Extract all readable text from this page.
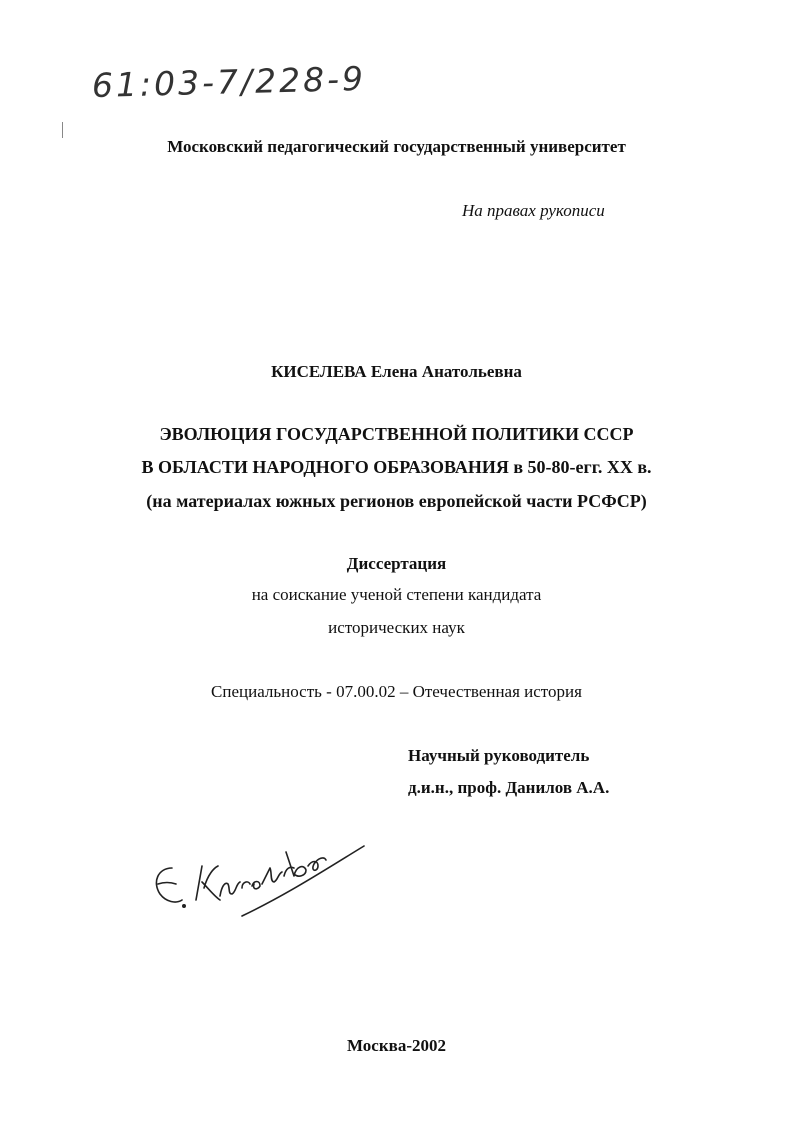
61:03-7/228-9
Московский педагогический государственный университет
На правах рукописи
КИСЕЛЕВА Елена Анатольевна
ЭВОЛЮЦИЯ ГОСУДАРСТВЕННОЙ ПОЛИТИКИ СССР
В ОБЛАСТИ НАРОДНОГО ОБРАЗОВАНИЯ в 50-80-егг. XX в.
(на материалах южных регионов европейской части РСФСР)
Диссертация
на соискание ученой степени кандидата
исторических наук
Специальность - 07.00.02 – Отечественная история
Научный руководитель
д.и.н., проф. Данилов А.А.
Москва-2002
